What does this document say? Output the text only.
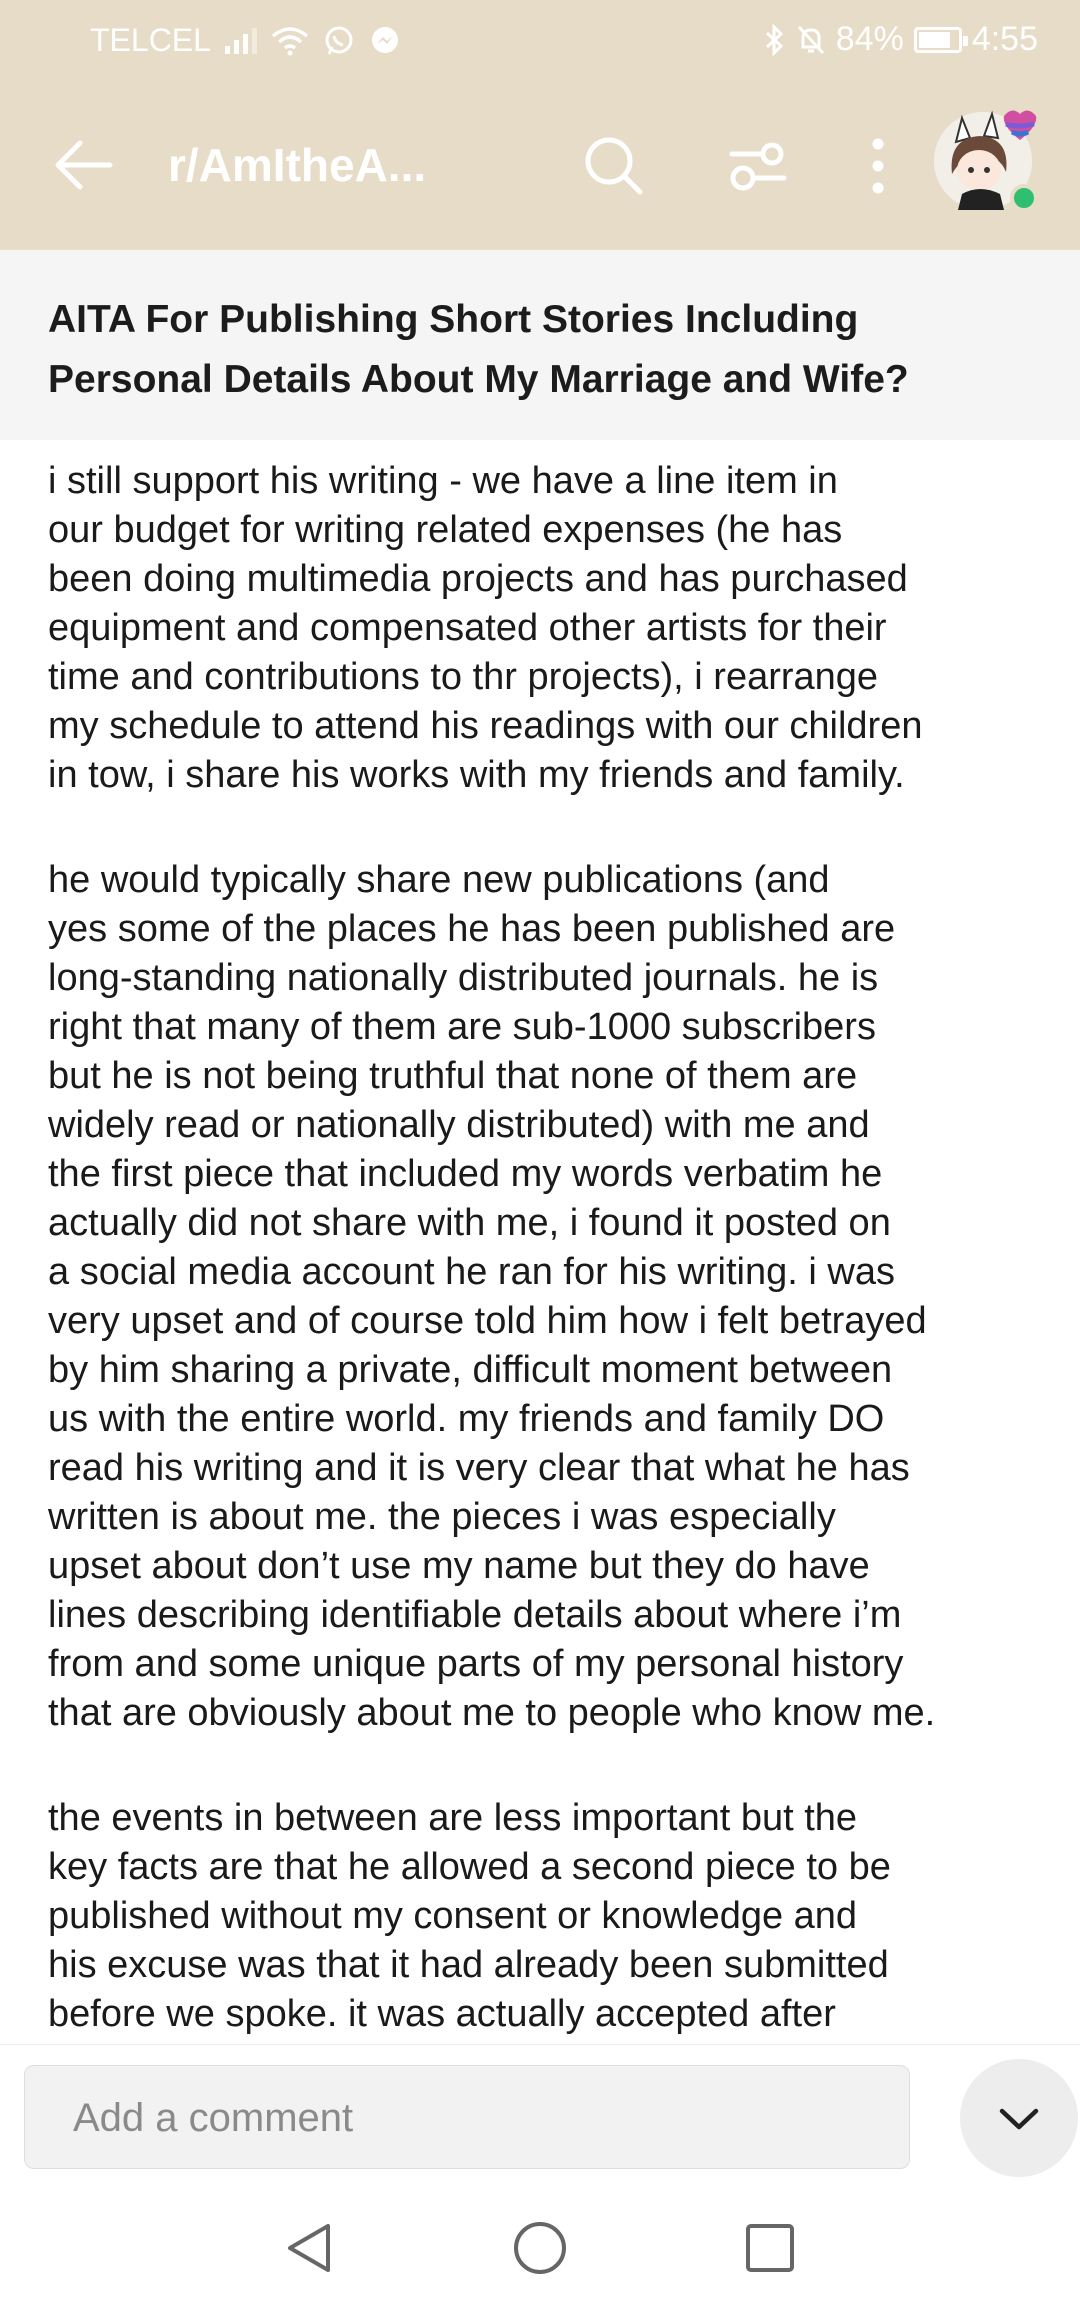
TELCEL	84% 4:55
r/AmItheA...
AITA For Publishing Short Stories Including
Personal Details About My Marriage and Wife?

i still support his writing - we have a line item in
our budget for writing related expenses (he has
been doing multimedia projects and has purchased
equipment and compensated other artists for their
time and contributions to thr projects), i rearrange
my schedule to attend his readings with our children
in tow, i share his works with my friends and family.

he would typically share new publications (and
yes some of the places he has been published are
long-standing nationally distributed journals. he is
right that many of them are sub-1000 subscribers
but he is not being truthful that none of them are
widely read or nationally distributed) with me and
the first piece that included my words verbatim he
actually did not share with me, i found it posted on
a social media account he ran for his writing. i was
very upset and of course told him how i felt betrayed
by him sharing a private, difficult moment between
us with the entire world. my friends and family DO
read his writing and it is very clear that what he has
written is about me. the pieces i was especially
upset about don’t use my name but they do have
lines describing identifiable details about where i’m
from and some unique parts of my personal history
that are obviously about me to people who know me.

the events in between are less important but the
key facts are that he allowed a second piece to be
published without my consent or knowledge and
his excuse was that it had already been submitted
before we spoke. it was actually accepted after

Add a comment
